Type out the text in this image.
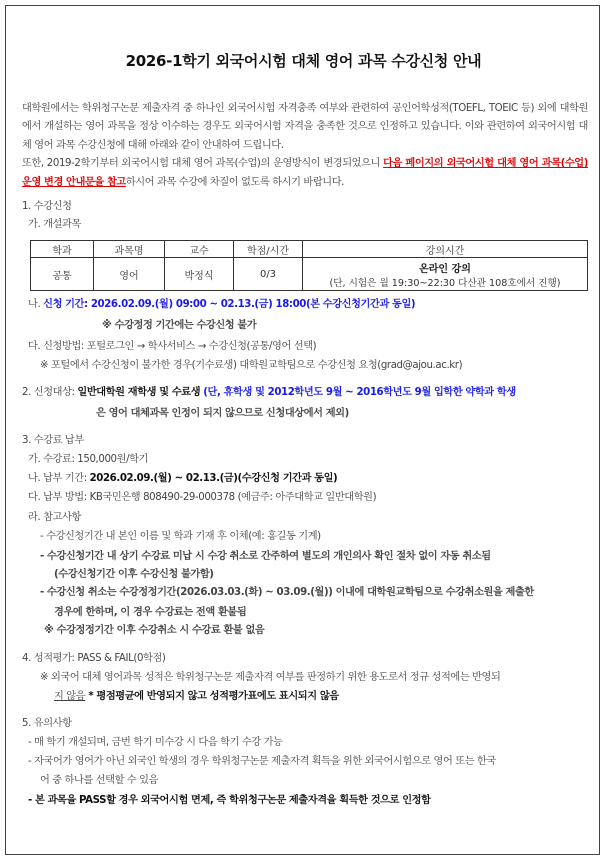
2026-1학기 외국어시험 대체 영어 과목 수강신청 안내
대학원에서는 학위청구논문 제출자격 중 하나인 외국어시험 자격충족 여부와 관련하여 공인어학성적(TOEFL, TOEIC 등) 외에 대학원에서 개설하는 영어 과목을 정상 이수하는 경우도 외국어시험 자격을 충족한 것으로 인정하고 있습니다. 이와 관련하여 외국어시험 대체 영어 과목 수강신청에 대해 아래와 같이 안내하여 드립니다.
또한, 2019-2학기부터 외국어시험 대체 영어 과목(수업)의 운영방식이 변경되었으니 다음 페이지의 외국어시험 대체 영어 과목(수업) 운영 변경 안내문을 참고하시어 과목 수강에 차질이 없도록 하시기 바랍니다.
1. 수강신청
가. 개설과목
학과	과목명	교수	학점/시간	강의시간
공통	영어	박정식	0/3	온라인 강의
(단, 시험은 월 19:30~22:30 다산관 108호에서 진행)
나. 신청 기간: 2026.02.09.(월) 09:00 ~ 02.13.(금) 18:00(본 수강신청기간과 동일)
※ 수강정정 기간에는 수강신청 불가
다. 신청방법: 포털로그인 → 학사서비스 → 수강신청(공통/영어 선택)
※ 포털에서 수강신청이 불가한 경우(기수료생) 대학원교학팀으로 수강신청 요청(grad@ajou.ac.kr)
2. 신청대상: 일반대학원 재학생 및 수료생 (단, 휴학생 및 2012학년도 9월 ~ 2016학년도 9월 입학한 약학과 학생
은 영어 대체과목 인정이 되지 않으므로 신청대상에서 제외)
3. 수강료 납부
가. 수강료: 150,000원/학기
나. 납부 기간: 2026.02.09.(월) ~ 02.13.(금)(수강신청 기간과 동일)
다. 납부 방법: KB국민은행 808490-29-000378 (예금주: 아주대학교 일반대학원)
라. 참고사항
- 수강신청기간 내 본인 이름 및 학과 기재 후 이체(예: 홍길동 기계)
- 수강신청기간 내 상기 수강료 미납 시 수강 취소로 간주하여 별도의 개인의사 확인 절차 없이 자동 취소됨
(수강신청기간 이후 수강신청 불가함)
- 수강신청 취소는 수강정정기간(2026.03.03.(화) ~ 03.09.(월)) 이내에 대학원교학팀으로 수강취소원을 제출한
경우에 한하며, 이 경우 수강료는 전액 환불됨
※ 수강정정기간 이후 수강취소 시 수강료 환불 없음
4. 성적평가: PASS & FAIL(0학점)
※ 외국어 대체 영어과목 성적은 학위청구논문 제출자격 여부를 판정하기 위한 용도로서 정규 성적에는 반영되
지 않음 * 평점평균에 반영되지 않고 성적평가표에도 표시되지 않음
5. 유의사항
- 매 학기 개설되며, 금번 학기 미수강 시 다음 학기 수강 가능
- 자국어가 영어가 아닌 외국인 학생의 경우 학위청구논문 제출자격 획득을 위한 외국어시험으로 영어 또는 한국
어 중 하나를 선택할 수 있음
- 본 과목을 PASS할 경우 외국어시험 면제, 즉 학위청구논문 제출자격을 획득한 것으로 인정함
